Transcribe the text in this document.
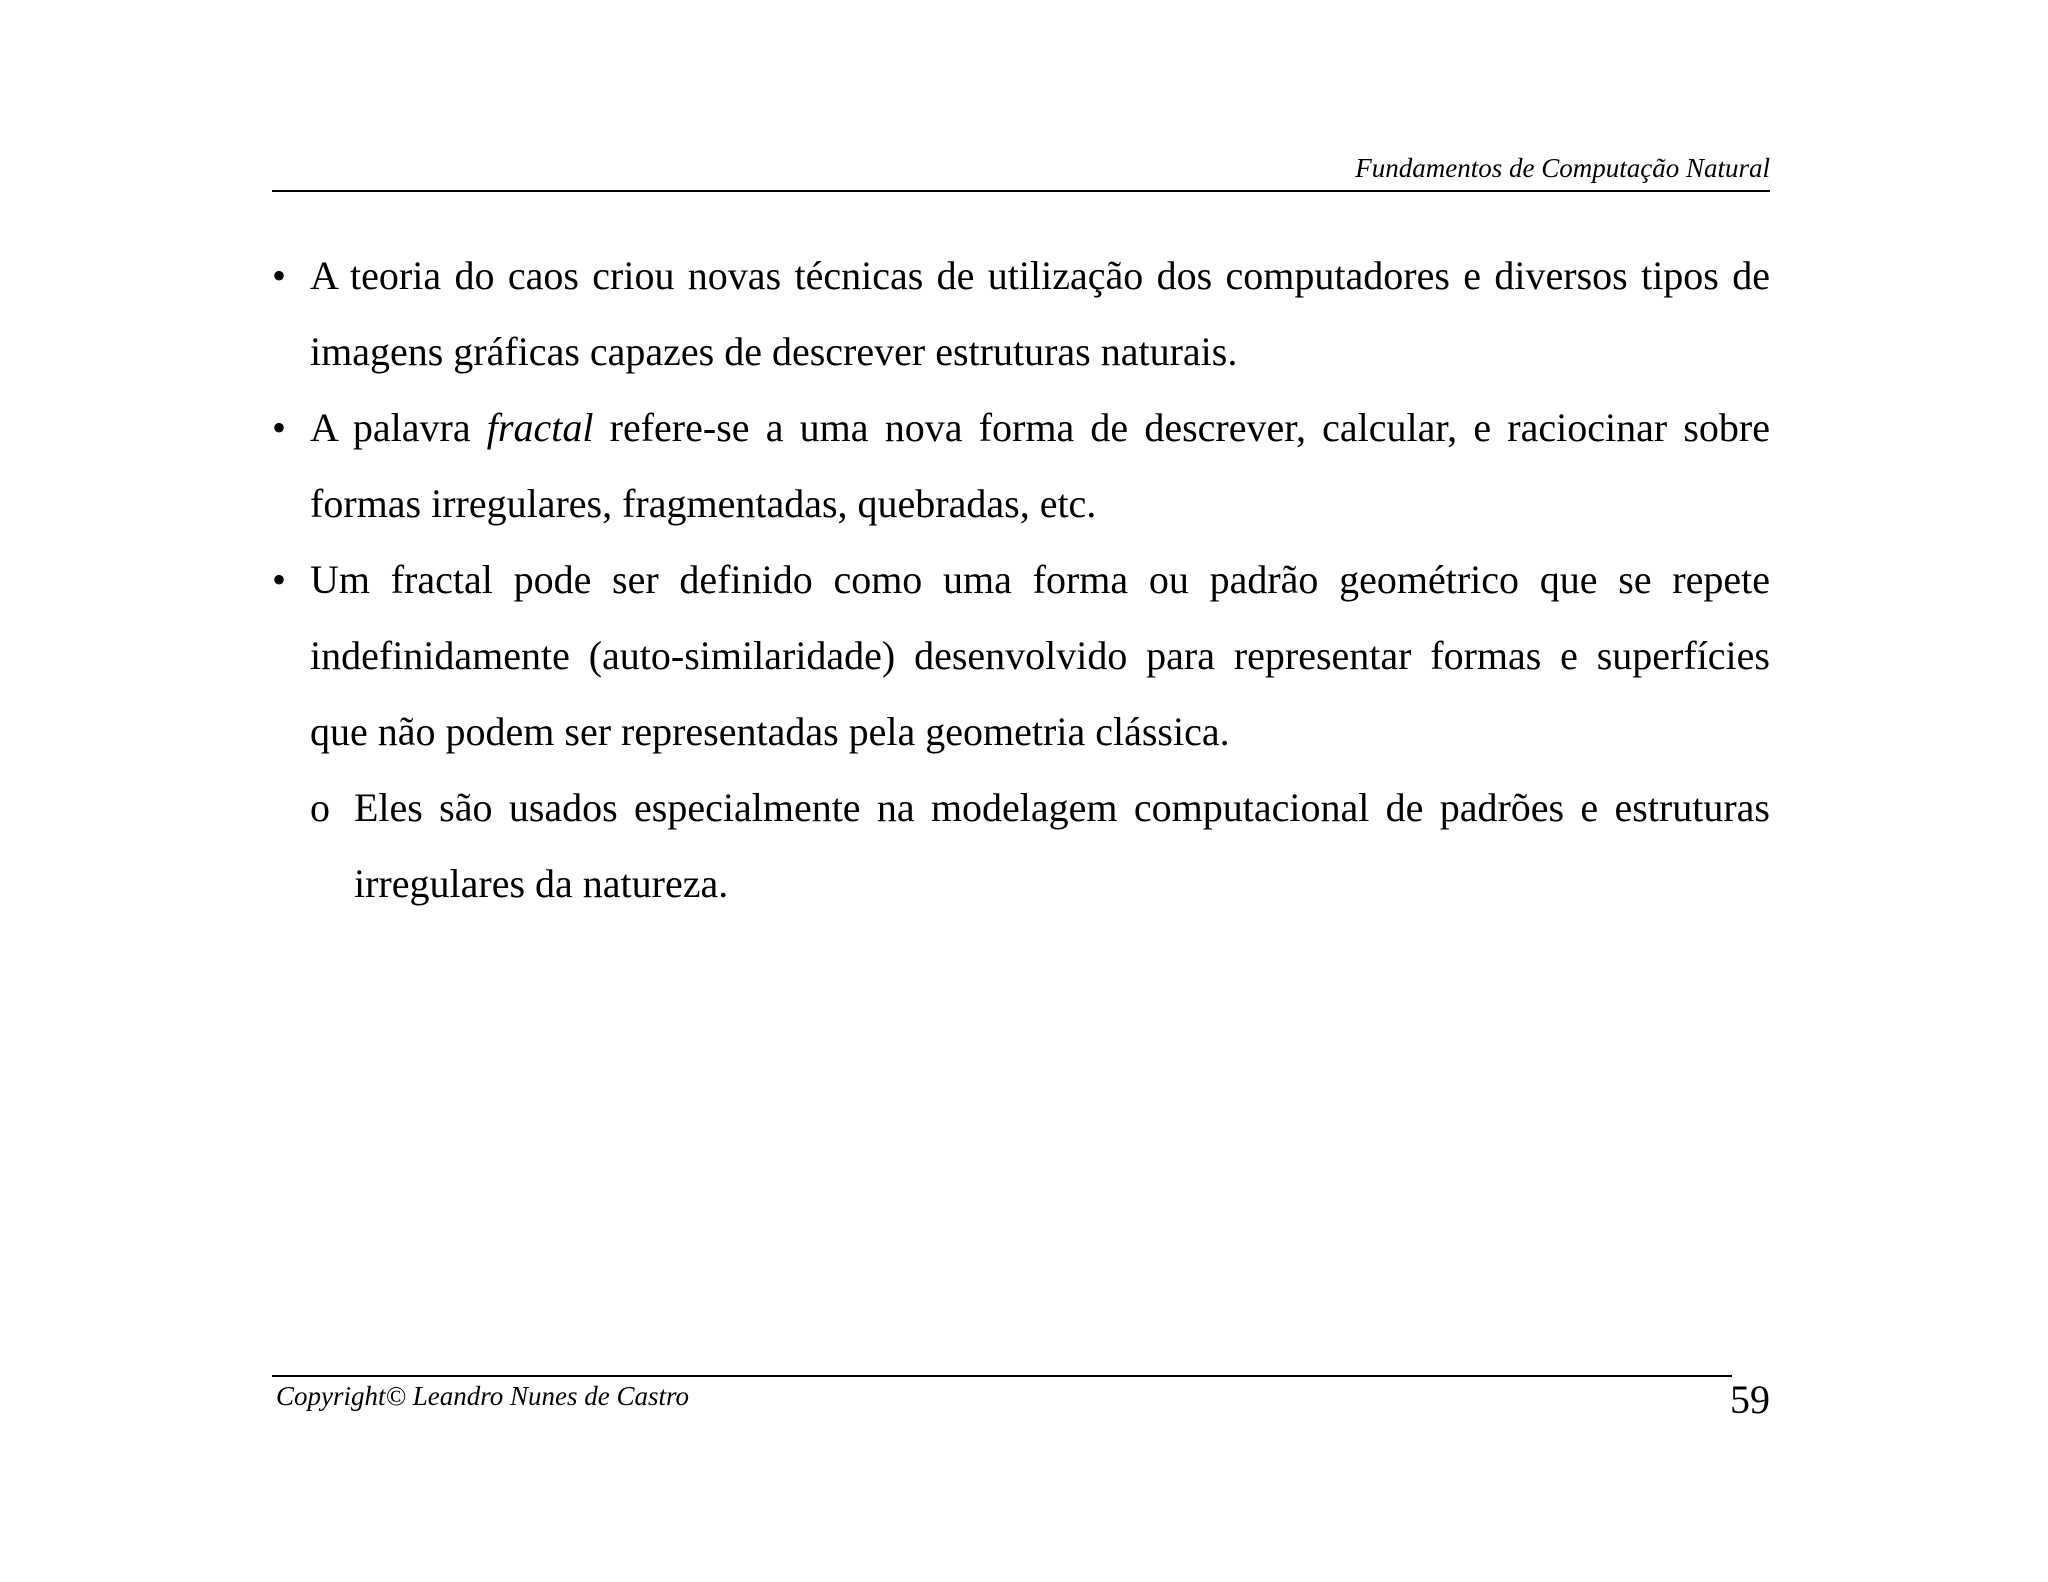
Fundamentos de Computação Natural
• A teoria do caos criou novas técnicas de utilização dos computadores e diversos tipos de imagens gráficas capazes de descrever estruturas naturais.
• A palavra fractal refere-se a uma nova forma de descrever, calcular, e raciocinar sobre formas irregulares, fragmentadas, quebradas, etc.
• Um fractal pode ser definido como uma forma ou padrão geométrico que se repete indefinidamente (auto-similaridade) desenvolvido para representar formas e superfícies que não podem ser representadas pela geometria clássica.
o Eles são usados especialmente na modelagem computacional de padrões e estruturas irregulares da natureza.
Copyright© Leandro Nunes de Castro	59
